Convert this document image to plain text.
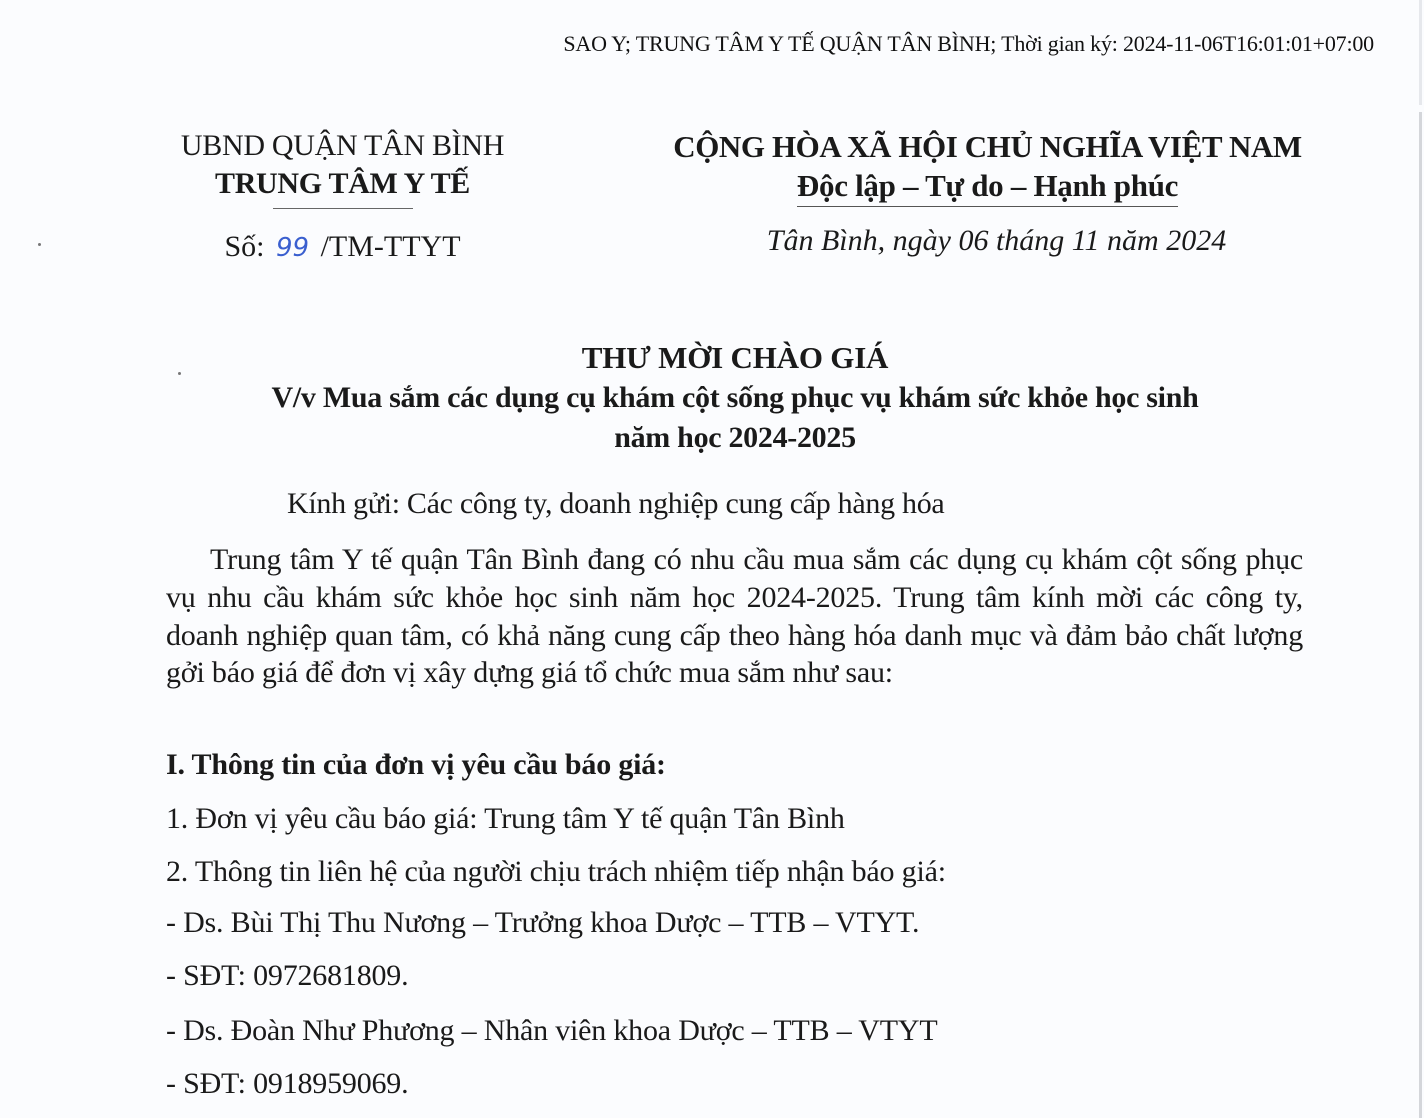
SAO Y; TRUNG TÂM Y TẾ QUẬN TÂN BÌNH; Thời gian ký: 2024-11-06T16:01:01+07:00
UBND QUẬN TÂN BÌNH
TRUNG TÂM Y TẾ
Số: 99 /TM-TTYT
CỘNG HÒA XÃ HỘI CHỦ NGHĨA VIỆT NAM
Độc lập – Tự do – Hạnh phúc
Tân Bình, ngày 06 tháng 11 năm 2024
THƯ MỜI CHÀO GIÁ
V/v Mua sắm các dụng cụ khám cột sống phục vụ khám sức khỏe học sinh
năm học 2024-2025
Kính gửi: Các công ty, doanh nghiệp cung cấp hàng hóa
Trung tâm Y tế quận Tân Bình đang có nhu cầu mua sắm các dụng cụ khám cột sống phục vụ nhu cầu khám sức khỏe học sinh năm học 2024-2025. Trung tâm kính mời các công ty, doanh nghiệp quan tâm, có khả năng cung cấp theo hàng hóa danh mục và đảm bảo chất lượng gởi báo giá để đơn vị xây dựng giá tổ chức mua sắm như sau:
I. Thông tin của đơn vị yêu cầu báo giá:
1. Đơn vị yêu cầu báo giá: Trung tâm Y tế quận Tân Bình
2. Thông tin liên hệ của người chịu trách nhiệm tiếp nhận báo giá:
- Ds. Bùi Thị Thu Nương – Trưởng khoa Dược – TTB – VTYT.
- SĐT: 0972681809.
- Ds. Đoàn Như Phương – Nhân viên khoa Dược – TTB – VTYT
- SĐT: 0918959069.
